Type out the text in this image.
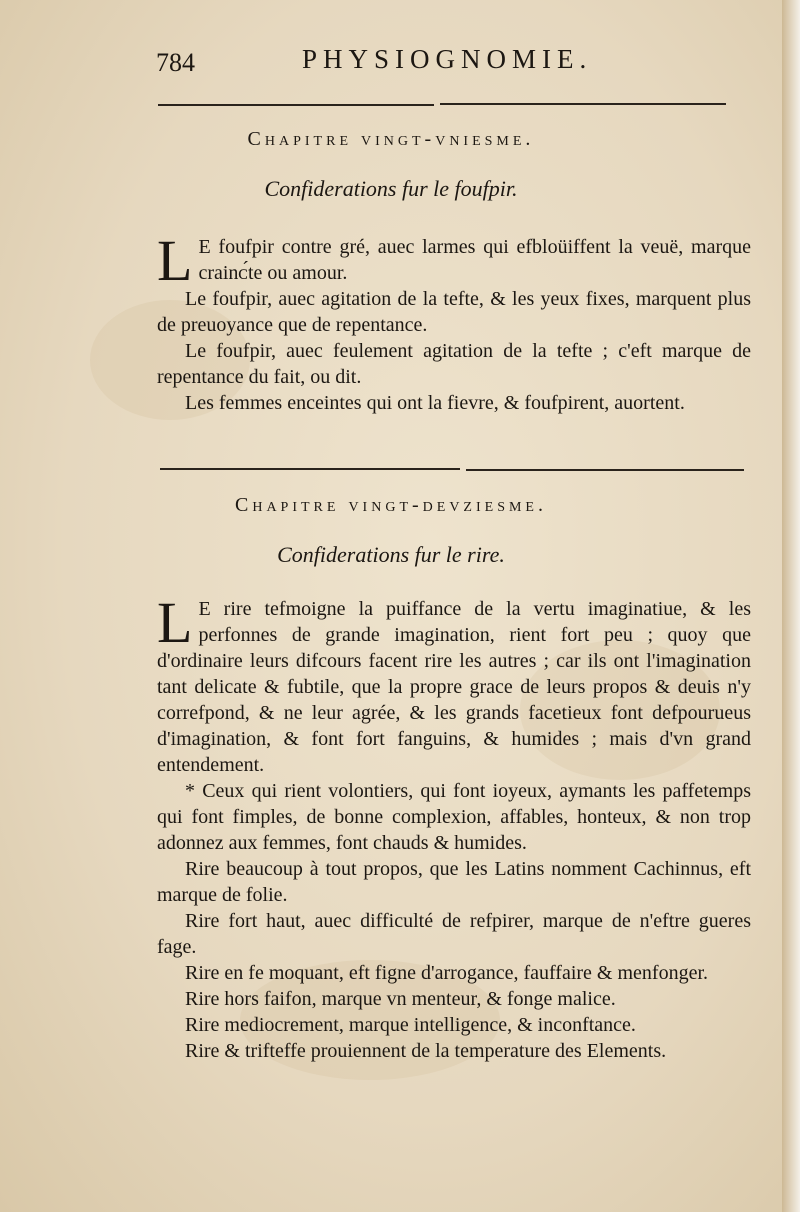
784	PHYSIOGNOMIE.
Chapitre vingt-vniesme.
Confiderations fur le foufpir.

L E foufpir contre gré, auec larmes qui efbloüiffent la veuë, marque crainᴄ́te ou amour.

Le foufpir, auec agitation de la tefte, & les yeux fixes, marquent plus de preuoyance que de repentance.

Le foufpir, auec feulement agitation de la tefte ; c'eft marque de repentance du fait, ou dit.

Les femmes enceintes qui ont la fievre, & foufpirent, auortent.

Chapitre vingt-devziesme.
Confiderations fur le rire.

L E rire tefmoigne la puiffance de la vertu imaginatiue, & les perfonnes de grande imagination, rient fort peu ; quoy que d'ordinaire leurs difcours facent rire les autres ; car ils ont l'imagination tant delicate & fubtile, que la propre grace de leurs propos & deuis n'y correfpond, & ne leur agrée, & les grands facetieux font defpourueus d'imagination, & font fort fanguins, & humides ; mais d'vn grand entendement.

* Ceux qui rient volontiers, qui font ioyeux, aymants les paffetemps qui font fimples, de bonne complexion, affables, honteux, & non trop adonnez aux femmes, font chauds & humides.

Rire beaucoup à tout propos, que les Latins nomment Cachinnus, eft marque de folie.

Rire fort haut, auec difficulté de refpirer, marque de n'eftre gueres fage.

Rire en fe moquant, eft figne d'arrogance, fauffaire & menfonger.

Rire hors faifon, marque vn menteur, & fonge malice.

Rire mediocrement, marque intelligence, & inconftance.

Rire & trifteffe prouiennent de la temperature des Elements.
